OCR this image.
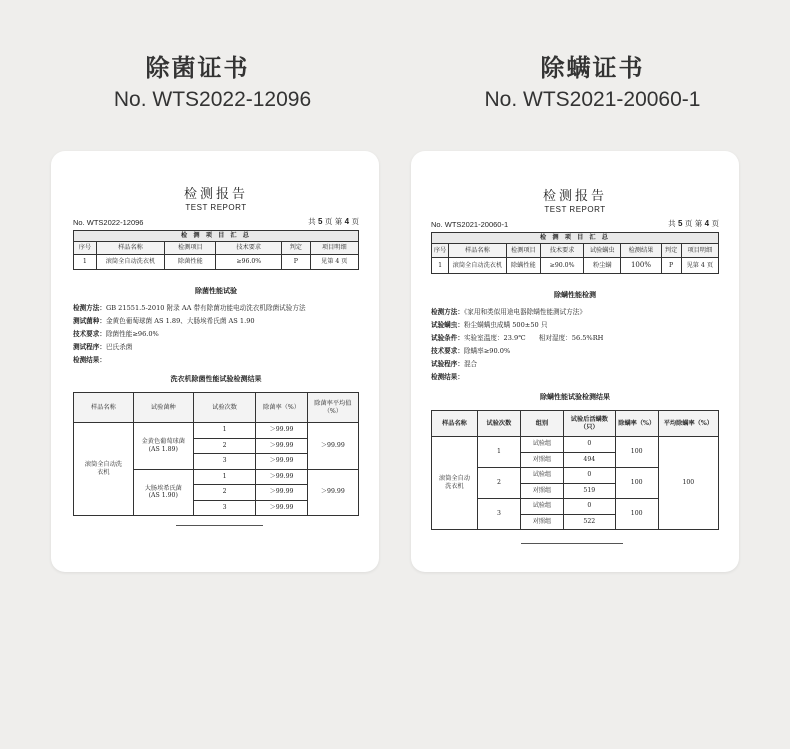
除菌证书
No. WTS2022-12096
除螨证书
No. WTS2021-20060-1
检测报告
TEST REPORT
No. WTS2022-12096	共 5 页 第 4 页
检 测 项 目 汇 总					
序号	样品名称	检测项目	技术要求	判定	项目明细
1	滚筒全自动洗衣机	除菌性能	≥96.0%	P	见第 4 页
除菌性能试验
检测方法：GB 21551.5-2010 附录 AA 带有除菌功能电动洗衣机除菌试验方法
测试菌种：金黄色葡萄球菌 AS 1.89、大肠埃希氏菌 AS 1.90
技术要求：除菌性能≥96.0%
测试程序：巴氏杀菌
检测结果：
洗衣机除菌性能试验检测结果
样品名称	试验菌种	试验次数	除菌率（%）	除菌率平均值（%）
滚筒全自动洗衣机	金黄色葡萄球菌(AS 1.89)	1	＞99.99	＞99.99
		2	＞99.99	
		3	＞99.99	
	大肠埃希氏菌(AS 1.90)	1	＞99.99	＞99.99
		2	＞99.99	
		3	＞99.99	
检测报告
TEST REPORT
No. WTS2021-20060-1	共 5 页 第 4 页
检 测 项 目 汇 总							
序号	样品名称	检测项目	技术要求	试验螨虫	检测结果	判定	项目明细
1	滚筒全自动洗衣机	除螨性能	≥90.0%	粉尘螨	100%	P	见第 4 页
除螨性能检测
检测方法：《家用和类似用途电器除螨性能测试方法》
试验螨虫：粉尘螨螨虫成螨 500±50 只
试验条件：实验室温度：23.9℃　　相对湿度：56.5%RH
技术要求：除螨率≥90.0%
试验程序：混合
检测结果：
除螨性能试验检测结果
样品名称	试验次数	组别	试验后活螨数（只）	除螨率（%）	平均除螨率（%）
滚筒全自动洗衣机	1	试验组	0	100	100
		对照组	494		
	2	试验组	0	100	
		对照组	519		
	3	试验组	0	100	
		对照组	522		
